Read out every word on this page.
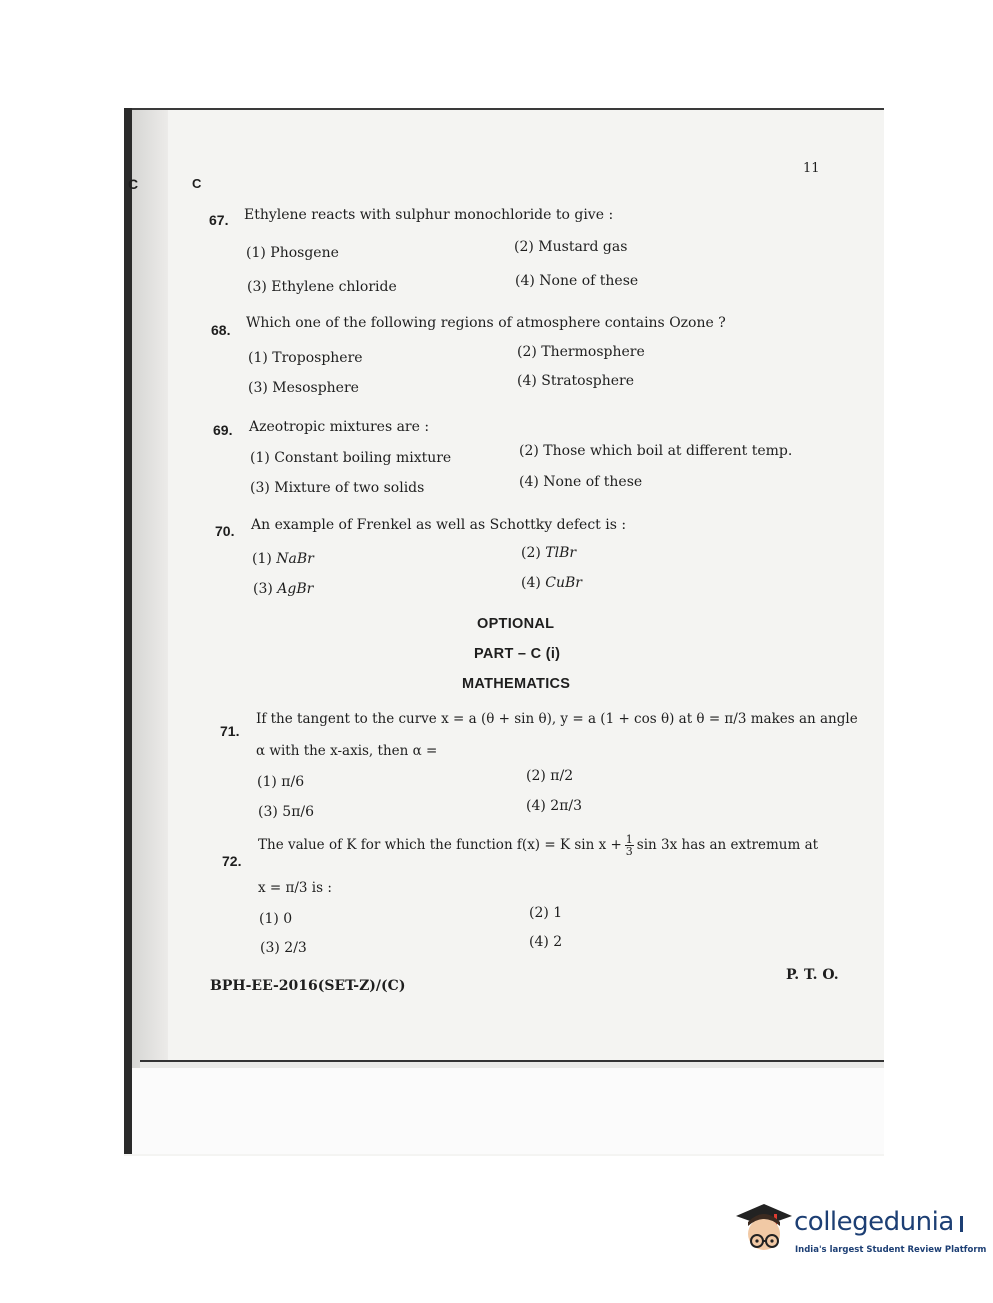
C	C
11
67. Ethylene reacts with sulphur monochloride to give :
(1) Phosgene	(2) Mustard gas
(3) Ethylene chloride	(4) None of these
68. Which one of the following regions of atmosphere contains Ozone ?
(1) Troposphere	(2) Thermosphere
(3) Mesosphere	(4) Stratosphere
69. Azeotropic mixtures are :
(1) Constant boiling mixture	(2) Those which boil at different temp.
(3) Mixture of two solids	(4) None of these
70. An example of Frenkel as well as Schottky defect is :
(1) NaBr	(2) TlBr
(3) AgBr	(4) CuBr
OPTIONAL
PART – C (i)
MATHEMATICS
71.
If the tangent to the curve x = a (θ + sin θ), y = a (1 + cos θ) at θ = π/3 makes an angle
α with the x-axis, then α =
(1) π/6	(2) π/2
(3) 5π/6	(4) 2π/3
72.
The value of K for which the function f(x) = K $\sin x + \frac{1}{3}$ sin 3x has an extremum at
x = π/3 is :
(1) 0	(2) 1
(3) 2/3	(4) 2
BPH-EE-2016(SET-Z)/(C)
P. T. O.
collegedunia
India's largest Student Review Platform
